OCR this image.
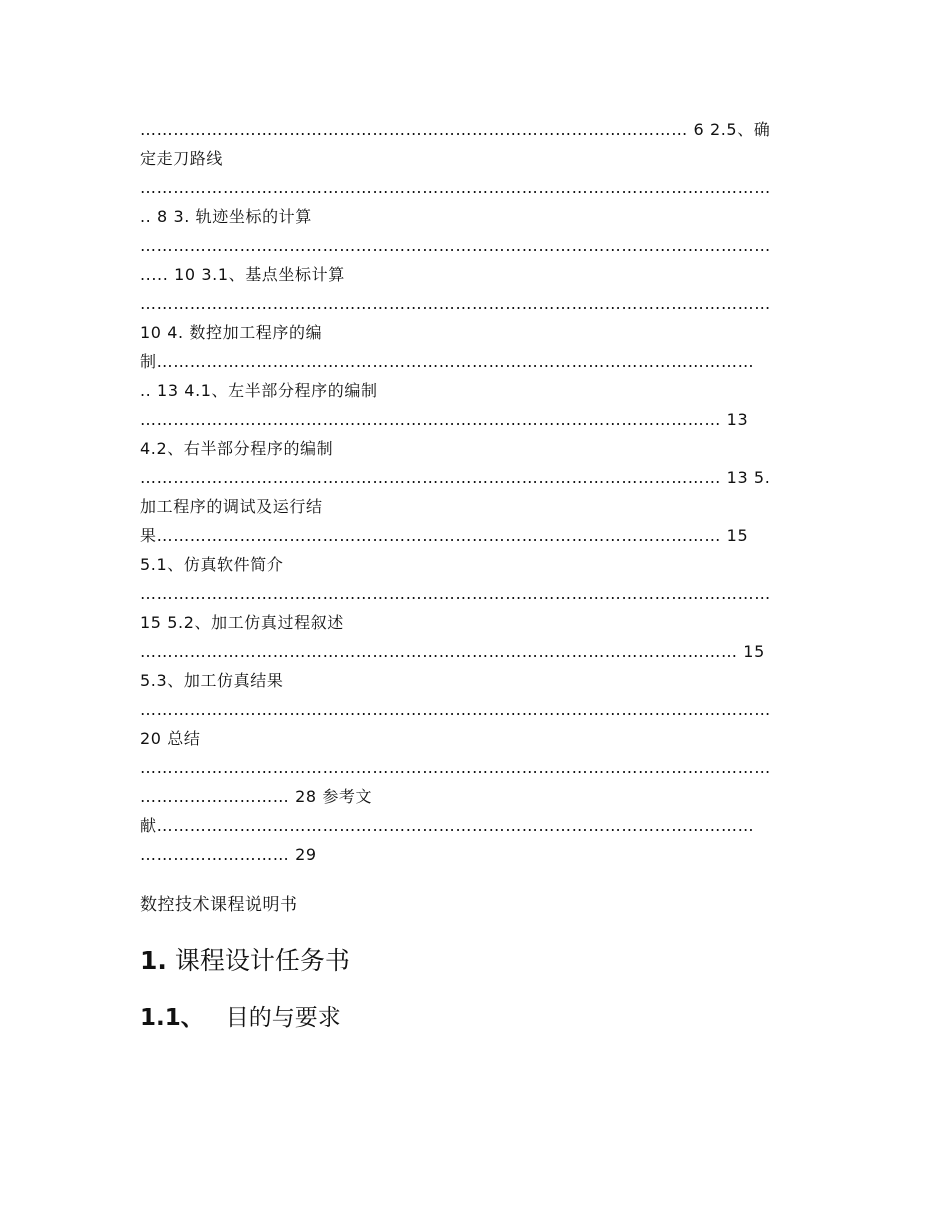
……………………………………………………………………………………… 6 2.5、确
定走刀路线
……………………………………………………………………………………………………
.. 8 3. 轨迹坐标的计算
……………………………………………………………………………………………………
..... 10 3.1、基点坐标计算
……………………………………………………………………………………………………
10 4. 数控加工程序的编
制………………………………………………………………………………………………
.. 13 4.1、左半部分程序的编制
…………………………………………………………………………………………… 13
4.2、右半部分程序的编制
…………………………………………………………………………………………… 13 5.
加工程序的调试及运行结
果………………………………………………………………………………………… 15
5.1、仿真软件简介
……………………………………………………………………………………………………
15 5.2、加工仿真过程叙述
……………………………………………………………………………………………… 15
5.3、加工仿真结果
……………………………………………………………………………………………………
20 总结
……………………………………………………………………………………………………
……………………… 28 参考文
献………………………………………………………………………………………………
……………………… 29
数控技术课程说明书
1. 课程设计任务书
1.1、 目的与要求
